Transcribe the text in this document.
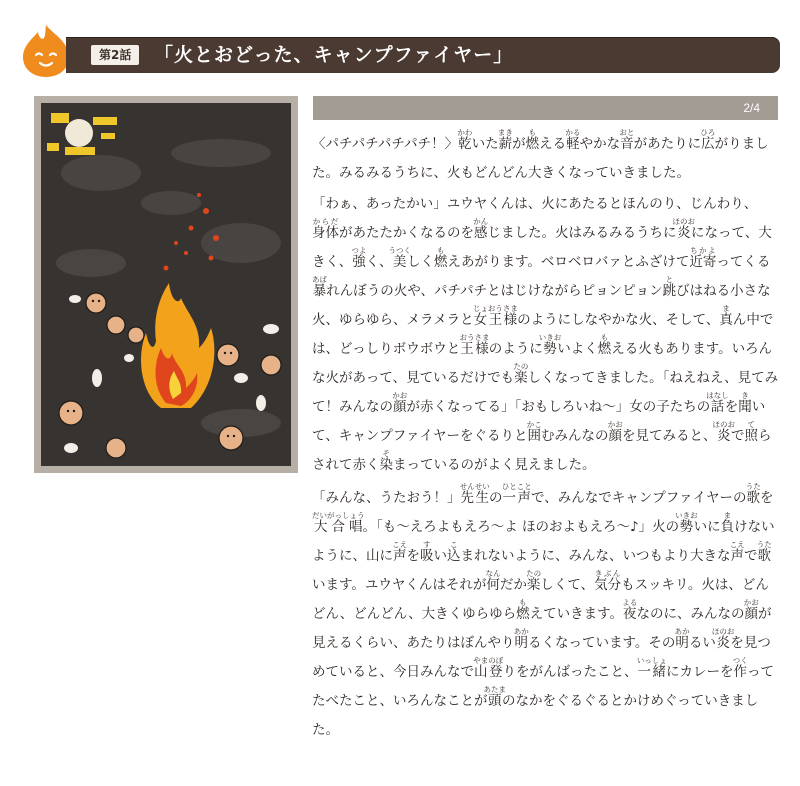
第2話	「火とおどった、キャンプファイヤー」
2/4

〈パチパチパチパチ！〉乾かわいた薪まきが燃もえる軽かるやかな音おとがあたりに広ひろがりました。みるみるうちに、火もどんどん大きくなっていきました。

「わぁ、あったかい」ユウヤくんは、火にあたるとほんのり、じんわり、身体からだがあたたかくなるのを感かんじました。火はみるみるうちに炎ほのおになって、大きく、強つよく、美うつくしく燃もえあがります。ベロベロバァとふざけて近寄ちかよってくる暴あばれんぼうの火や、パチパチとはじけながらピョンピョン跳とびはねる小さな火、ゆらゆら、メラメラと女王様じょおうさまのようにしなやかな火、そして、真まん中では、どっしりボウボウと王様おうさまのように勢いきおいよく燃もえる火もあります。いろんな火があって、見ているだけでも楽たのしくなってきました。「ねえねえ、見てみて！みんなの顔かおが赤くなってる」「おもしろいね～」女の子たちの話はなしを聞きいて、キャンプファイヤーをぐるりと囲かこむみんなの顔かおを見てみると、炎ほのおで照てらされて赤く染そまっているのがよく見えました。

「みんな、うたおう！」先生せんせいの一声ひとことで、みんなでキャンプファイヤーの歌うたを大合唱だいがっしょう。「も～えろよもえろ～よ ほのおよもえろ～♪」火の勢いきおいに負まけないように、山に声こえを吸すい込こまれないように、みんな、いつもより大きな声こえで歌うたいます。ユウヤくんはそれが何なんだか楽たのしくて、気分きぶんもスッキリ。火は、どんどん、どんどん、大きくゆらゆら燃もえていきます。夜よるなのに、みんなの顔かおが見えるくらい、あたりはぼんやり明あかるくなっています。その明あかるい炎ほのおを見つめていると、今日みんなで山登やまのぼりをがんばったこと、一緒いっしょにカレーを作つくってたべたこと、いろんなことが頭あたまのなかをぐるぐるとかけめぐっていきました。
